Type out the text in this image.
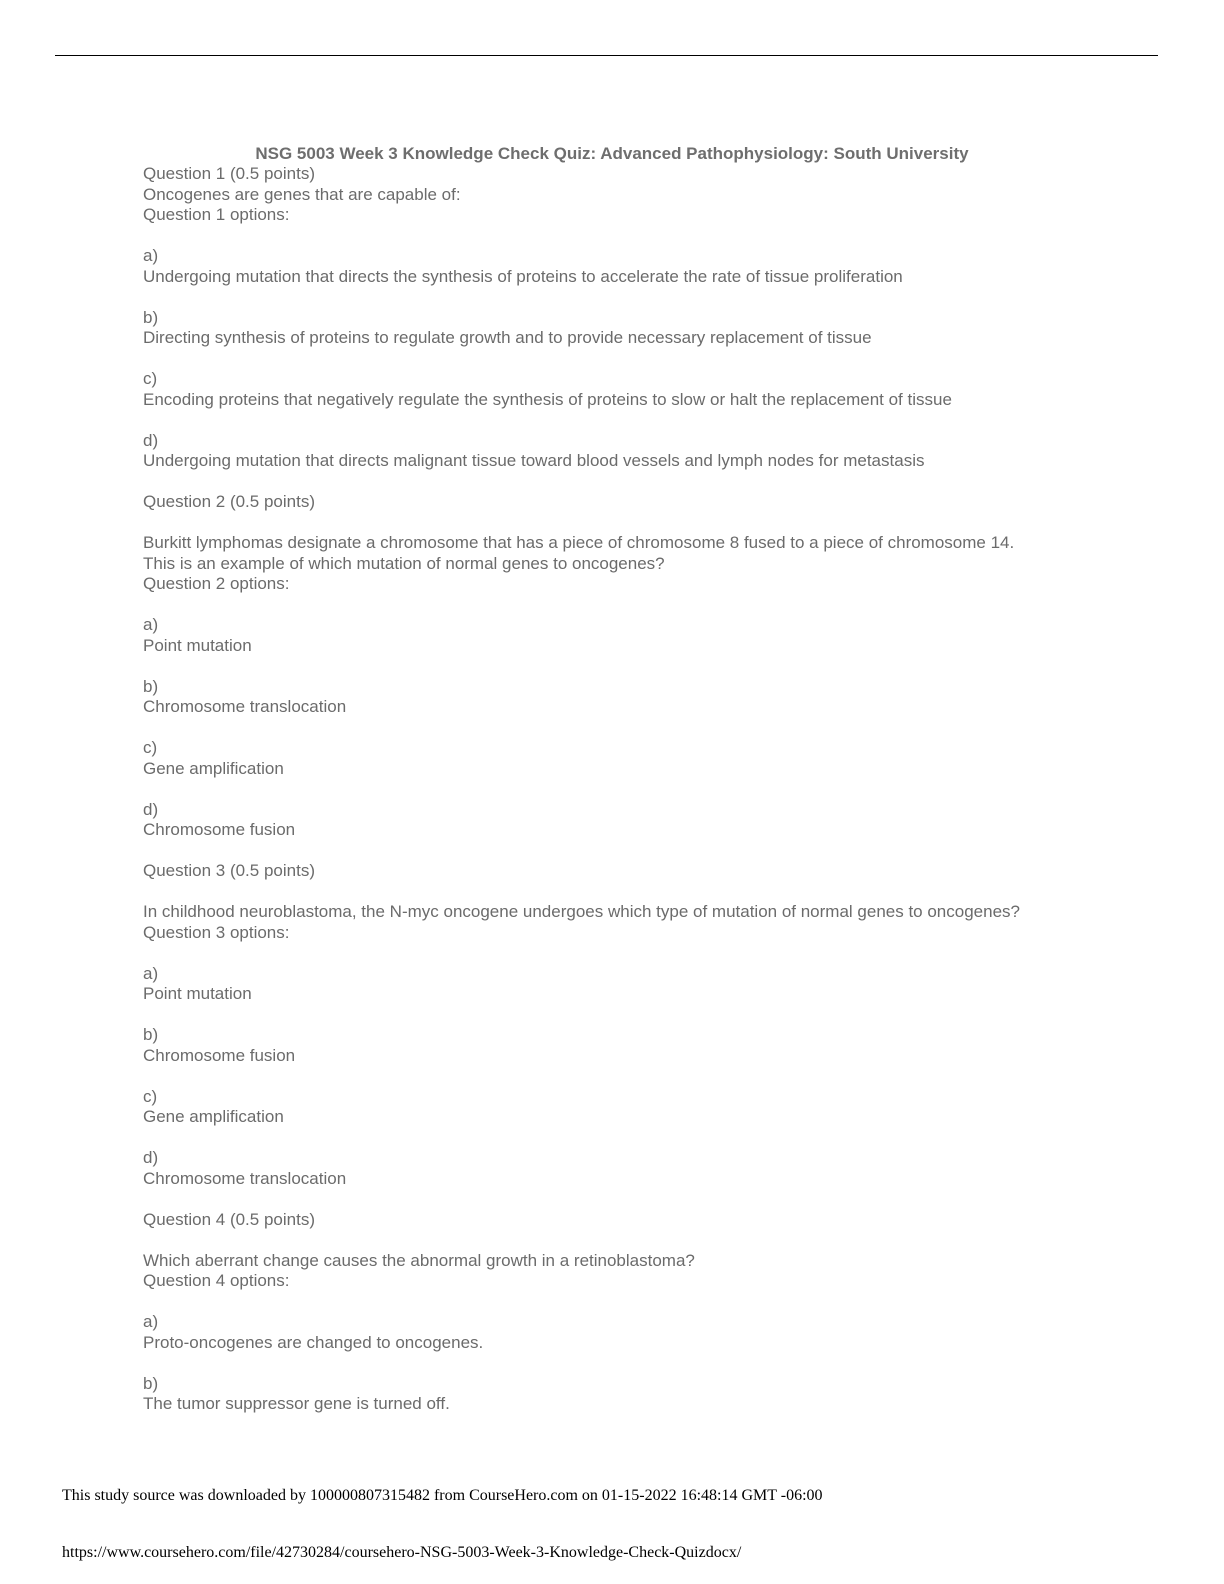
NSG 5003 Week 3 Knowledge Check Quiz: Advanced Pathophysiology: South University
Question 1 (0.5 points)
Oncogenes are genes that are capable of:
Question 1 options:
a)
Undergoing mutation that directs the synthesis of proteins to accelerate the rate of tissue proliferation
b)
Directing synthesis of proteins to regulate growth and to provide necessary replacement of tissue
c)
Encoding proteins that negatively regulate the synthesis of proteins to slow or halt the replacement of tissue
d)
Undergoing mutation that directs malignant tissue toward blood vessels and lymph nodes for metastasis
Question 2 (0.5 points)
Burkitt lymphomas designate a chromosome that has a piece of chromosome 8 fused to a piece of chromosome 14.
This is an example of which mutation of normal genes to oncogenes?
Question 2 options:
a)
Point mutation
b)
Chromosome translocation
c)
Gene amplification
d)
Chromosome fusion
Question 3 (0.5 points)
In childhood neuroblastoma, the N-myc oncogene undergoes which type of mutation of normal genes to oncogenes?
Question 3 options:
a)
Point mutation
b)
Chromosome fusion
c)
Gene amplification
d)
Chromosome translocation
Question 4 (0.5 points)
Which aberrant change causes the abnormal growth in a retinoblastoma?
Question 4 options:
a)
Proto-oncogenes are changed to oncogenes.
b)
The tumor suppressor gene is turned off.
This study source was downloaded by 100000807315482 from CourseHero.com on 01-15-2022 16:48:14 GMT -06:00
https://www.coursehero.com/file/42730284/coursehero-NSG-5003-Week-3-Knowledge-Check-Quizdocx/
